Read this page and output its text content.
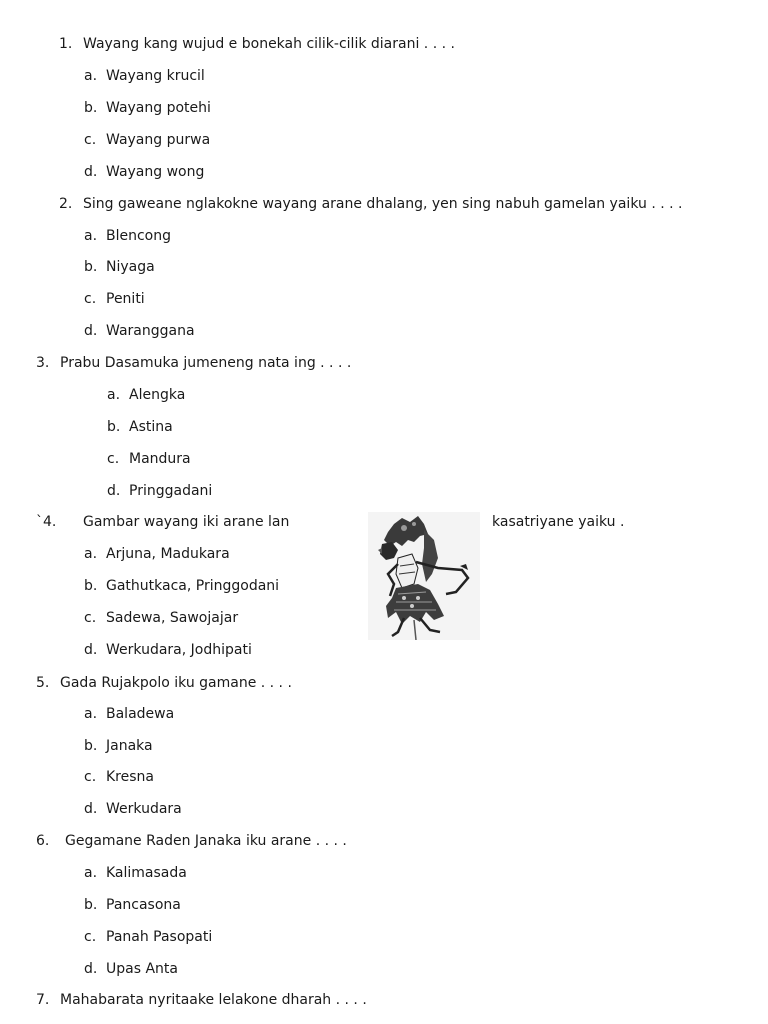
1. Wayang kang wujud e bonekah cilik-cilik diarani . . . .
a. Wayang krucil
b. Wayang potehi
c. Wayang purwa
d. Wayang wong
2. Sing gaweane nglakokne wayang arane dhalang, yen sing nabuh gamelan yaiku . . . .
a. Blencong
b. Niyaga
c. Peniti
d. Waranggana
3. Prabu Dasamuka jumeneng nata ing . . . .
a. Alengka
b. Astina
c. Mandura
d. Pringgadani
`4. Gambar wayang iki arane lan	kasatriyane yaiku .
a. Arjuna, Madukara
b. Gathutkaca, Pringgodani
c. Sadewa, Sawojajar
d. Werkudara, Jodhipati
5. Gada Rujakpolo iku gamane . . . .
a. Baladewa
b. Janaka
c. Kresna
d. Werkudara
6. Gegamane Raden Janaka iku arane . . . .
a. Kalimasada
b. Pancasona
c. Panah Pasopati
d. Upas Anta
7. Mahabarata nyritaake lelakone dharah . . . .
